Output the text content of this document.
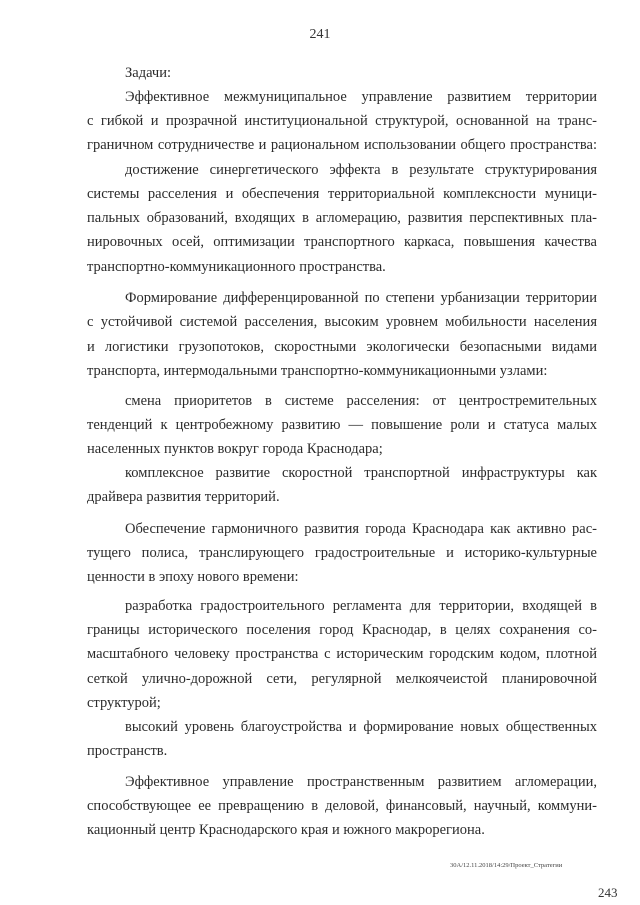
241
Задачи:
Эффективное межмуниципальное управление развитием территории
с гибкой и прозрачной институциональной структурой, основанной на транс-
граничном сотрудничестве и рациональном использовании общего пространства:
достижение синергетического эффекта в результате структурирования
системы расселения и обеспечения территориальной комплексности муници-
пальных образований, входящих в агломерацию, развития перспективных пла-
нировочных осей, оптимизации транспортного каркаса, повышения качества
транспортно-коммуникационного пространства.
Формирование дифференцированной по степени урбанизации территории
с устойчивой системой расселения, высоким уровнем мобильности населения
и логистики грузопотоков, скоростными экологически безопасными видами
транспорта, интермодальными транспортно-коммуникационными узлами:
смена приоритетов в системе расселения: от центростремительных
тенденций к центробежному развитию — повышение роли и статуса малых
населенных пунктов вокруг города Краснодара;
комплексное развитие скоростной транспортной инфраструктуры как
драйвера развития территорий.
Обеспечение гармоничного развития города Краснодара как активно рас-
тущего полиса, транслирующего градостроительные и историко-культурные
ценности в эпоху нового времени:
разработка градостроительного регламента для территории, входящей в
границы исторического поселения город Краснодар, в целях сохранения со-
масштабного человеку пространства с историческим городским кодом, плотной
сеткой улично-дорожной сети, регулярной мелкоячеистой планировочной
структурой;
высокий уровень благоустройства и формирование новых общественных
пространств.
Эффективное управление пространственным развитием агломерации,
способствующее ее превращению в деловой, финансовый, научный, коммуни-
кационный центр Краснодарского края и южного макрорегиона.
30А/12.11.2018/14:29/Проект_Стратегии
243
